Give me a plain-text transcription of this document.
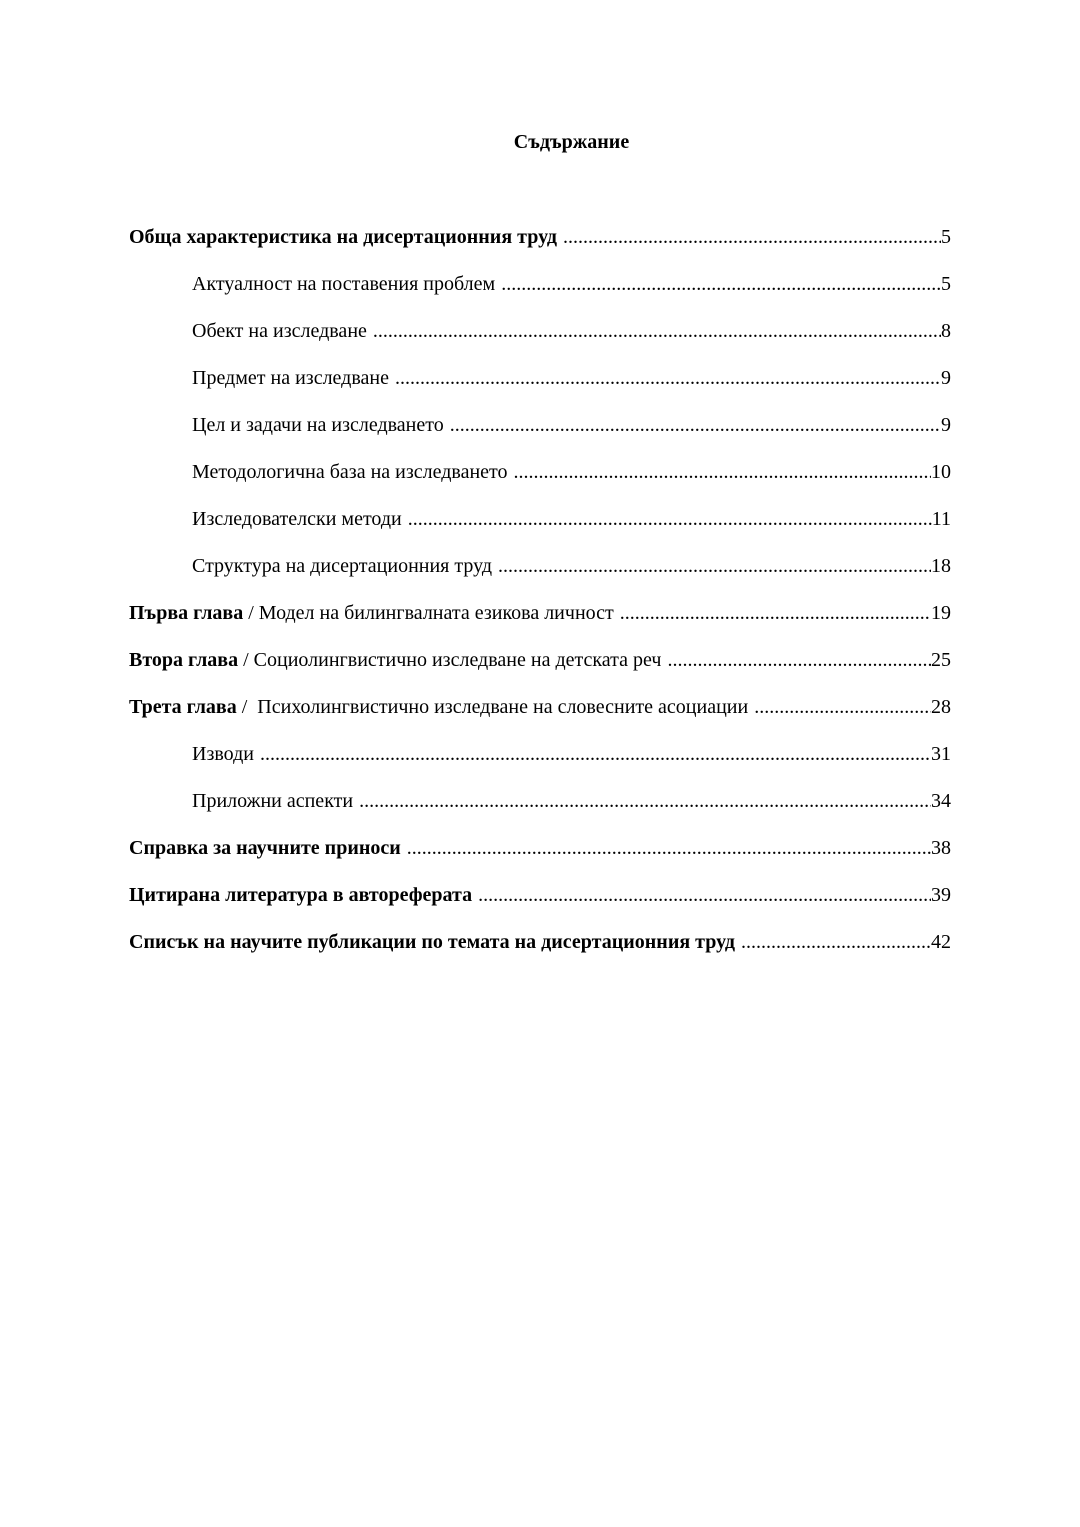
Съдържание
Обща характеристика на дисертационния труд .....	5
Актуалност на поставения проблем .....	5
Обект на изследване .....	8
Предмет на изследване .....	9
Цел и задачи на изследването .....	9
Методологична база на изследването .....	10
Изследователски методи .....	11
Структура на дисертационния труд .....	18
Първа глава / Модел на билингвалната езикова личност .....	19
Втора глава / Социолингвистично изследване на детската реч .....	25
Трета глава /  Психолингвистично изследване на словесните асоциации .....	28
Изводи .....	31
Приложни аспекти .....	34
Справка за научните приноси .....	38
Цитирана литература в автореферата .....	39
Списък на научите публикации по темата на дисертационния труд .....	42
